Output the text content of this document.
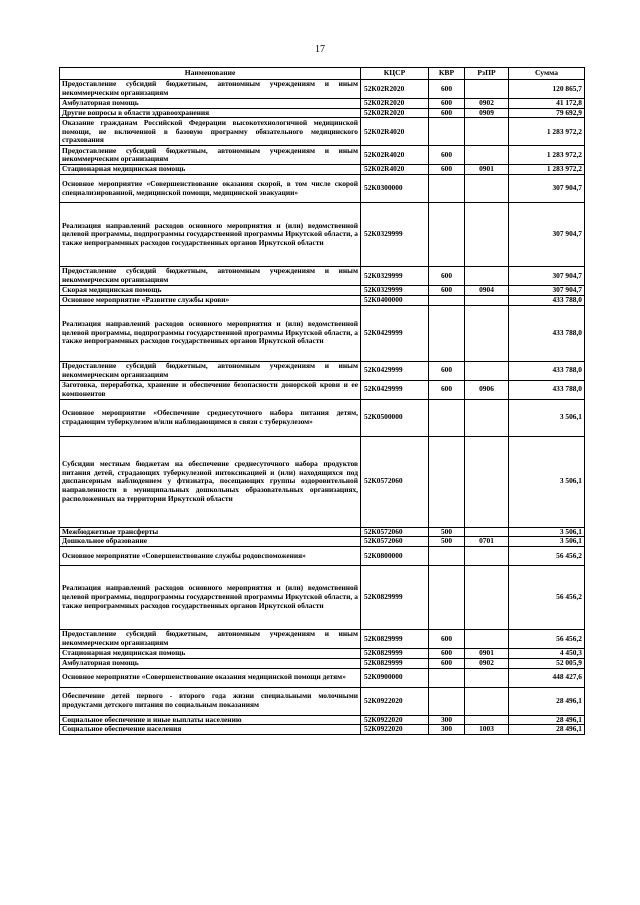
17
Наименование	КЦСР	КВР	РзПР	Сумма
Предоставление субсидий бюджетным, автономным учреждениям и иным некоммерческим организациям	52К02R2020	600		120 865,7
Амбулаторная помощь	52К02R2020	600	0902	41 172,8
Другие вопросы в области здравоохранения	52К02R2020	600	0909	79 692,9
Оказание гражданам Российской Федерации высокотехнологичной медицинской помощи, не включенной в базовую программу обязательного медицинского страхования	52К02R4020			1 283 972,2
Предоставление субсидий бюджетным, автономным учреждениям и иным некоммерческим организациям	52К02R4020	600		1 283 972,2
Стационарная медицинская помощь	52К02R4020	600	0901	1 283 972,2
Основное мероприятие «Совершенствование оказания скорой, в том числе скорой специализированной, медицинской помощи, медицинской эвакуации»	52К0300000			307 904,7
Реализация направлений расходов основного мероприятия и (или) ведомственной целевой программы, подпрограммы государственной программы Иркутской области, а также непрограммных расходов государственных органов Иркутской области	52К0329999			307 904,7
Предоставление субсидий бюджетным, автономным учреждениям и иным некоммерческим организациям	52К0329999	600		307 904,7
Скорая медицинская помощь	52К0329999	600	0904	307 904,7
Основное мероприятие «Развитие службы крови»	52К0400000			433 788,0
Реализация направлений расходов основного мероприятия и (или) ведомственной целевой программы, подпрограммы государственной программы Иркутской области, а также непрограммных расходов государственных органов Иркутской области	52К0429999			433 788,0
Предоставление субсидий бюджетным, автономным учреждениям и иным некоммерческим организациям	52К0429999	600		433 788,0
Заготовка, переработка, хранение и обеспечение безопасности донорской крови и ее компонентов	52К0429999	600	0906	433 788,0
Основное мероприятие «Обеспечение среднесуточного набора питания детям, страдающим туберкулезом и/или наблюдающимся в связи с туберкулезом»	52К0500000			3 506,1
Субсидии местным бюджетам на обеспечение среднесуточного набора продуктов питания детей, страдающих туберкулезной интоксикацией и (или) находящихся под диспансерным наблюдением у фтизиатра, посещающих группы оздоровительной направленности в муниципальных дошкольных образовательных организациях, расположенных на территории Иркутской области	52К0572060			3 506,1
Межбюджетные трансферты	52К0572060	500		3 506,1
Дошкольное образование	52К0572060	500	0701	3 506,1
Основное мероприятие «Совершенствование службы родовспоможения»	52К0800000			56 456,2
Реализация направлений расходов основного мероприятия и (или) ведомственной целевой программы, подпрограммы государственной программы Иркутской области, а также непрограммных расходов государственных органов Иркутской области	52К0829999			56 456,2
Предоставление субсидий бюджетным, автономным учреждениям и иным некоммерческим организациям	52К0829999	600		56 456,2
Стационарная медицинская помощь	52К0829999	600	0901	4 450,3
Амбулаторная помощь	52К0829999	600	0902	52 005,9
Основное мероприятие «Совершенствование оказания медицинской помощи детям»	52К0900000			448 427,6
Обеспечение детей первого - второго года жизни специальными молочными продуктами детского питания по социальным показаниям	52К0922020			28 496,1
Социальное обеспечение и иные выплаты населению	52К0922020	300		28 496,1
Социальное обеспечение населения	52К0922020	300	1003	28 496,1
